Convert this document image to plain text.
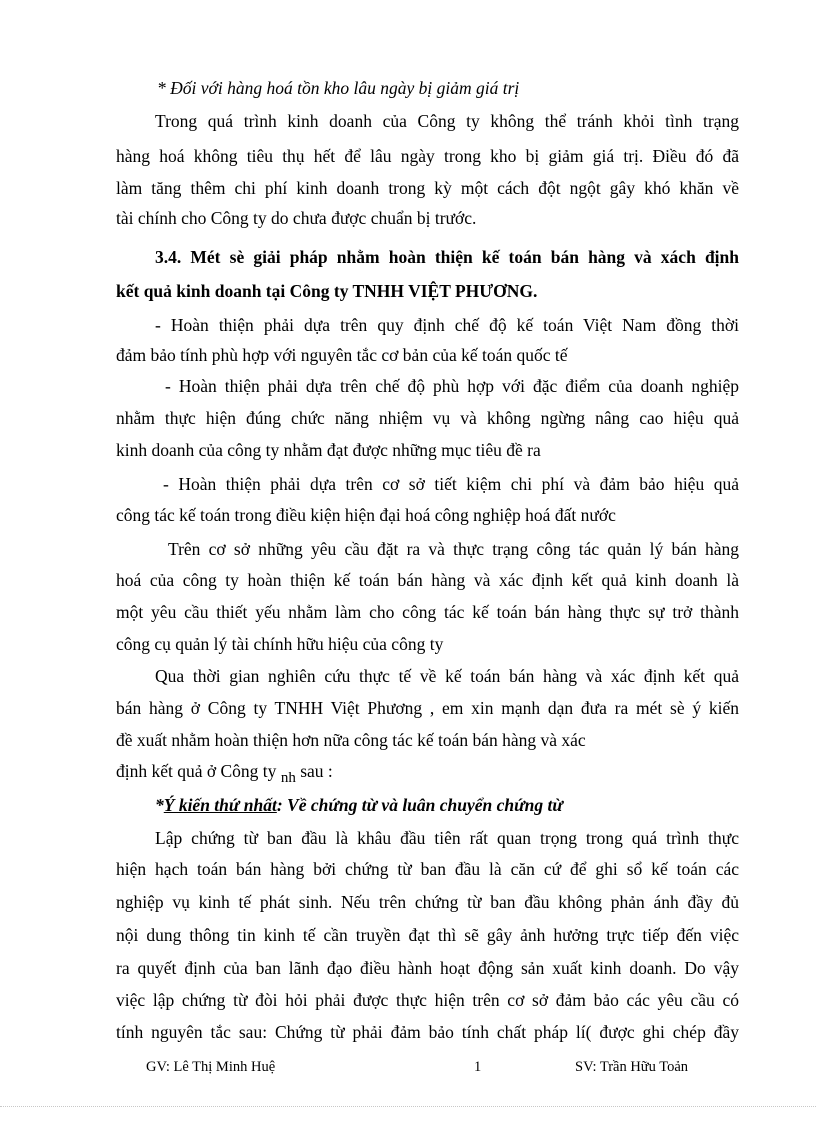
* Đối với hàng hoá tồn kho lâu ngày bị giảm giá trị
Trong quá trình kinh doanh của Công ty không thể tránh khỏi tình trạng
hàng hoá không tiêu thụ hết để lâu ngày trong kho bị giảm giá trị. Điều đó đã
làm tăng thêm chi phí kinh doanh trong kỳ một cách đột ngột gây khó khăn về
tài chính cho Công ty do chưa được chuẩn bị trước.
3.4. Mét sè giải pháp nhằm hoàn thiện kế toán bán hàng và xách định
kết quả kinh doanh tại Công ty TNHH VIỆT PHƯƠNG.
- Hoàn thiện phải dựa trên quy định chế độ kế toán Việt Nam đồng thời
đảm bảo tính phù hợp với nguyên tắc cơ bản của kế toán quốc tế
- Hoàn thiện phải dựa trên chế độ phù hợp với đặc điểm của doanh nghiệp
nhằm thực hiện đúng chức năng nhiệm vụ và không ngừng nâng cao hiệu quả
kinh doanh của công ty nhằm đạt được những mục tiêu đề ra
- Hoàn thiện phải dựa trên cơ sở tiết kiệm chi phí và đảm bảo hiệu quả
công tác kế toán trong điều kiện hiện đại hoá công nghiệp hoá đất nước
Trên cơ sở những yêu cầu đặt ra và thực trạng công tác quản lý bán hàng
hoá của công ty hoàn thiện kế toán bán hàng và xác định kết quả kinh doanh là
một yêu cầu thiết yếu nhằm làm cho công tác kế toán bán hàng thực sự trở thành
công cụ quản lý tài chính hữu hiệu của công ty
Qua thời gian nghiên cứu thực tế về kế toán bán hàng và xác định kết quả
bán hàng ở Công ty TNHH Việt Phương , em xin mạnh dạn đưa ra mét sè ý kiến
đề xuất nhằm hoàn thiện hơn nữa công tác kế toán bán hàng và xác
định kết quả ở Công ty nh sau :
*Ý kiến thứ nhất: Về chứng từ và luân chuyển chứng từ
Lập chứng từ ban đầu là khâu đầu tiên rất quan trọng trong quá trình thực
hiện hạch toán bán hàng bởi chứng từ ban đầu là căn cứ để ghi sổ kế toán các
nghiệp vụ kinh tế phát sinh. Nếu trên chứng từ ban đầu không phản ánh đầy đủ
nội dung thông tin kinh tế cần truyền đạt thì sẽ gây ảnh hưởng trực tiếp đến việc
ra quyết định của ban lãnh đạo điều hành hoạt động sản xuất kinh doanh. Do vậy
việc lập chứng từ đòi hỏi phải được thực hiện trên cơ sở đảm bảo các yêu cầu có
tính nguyên tắc sau: Chứng từ phải đảm bảo tính chất pháp lí( được ghi chép đầy
GV: Lê Thị Minh Huệ	1	SV: Trần Hữu Toản
